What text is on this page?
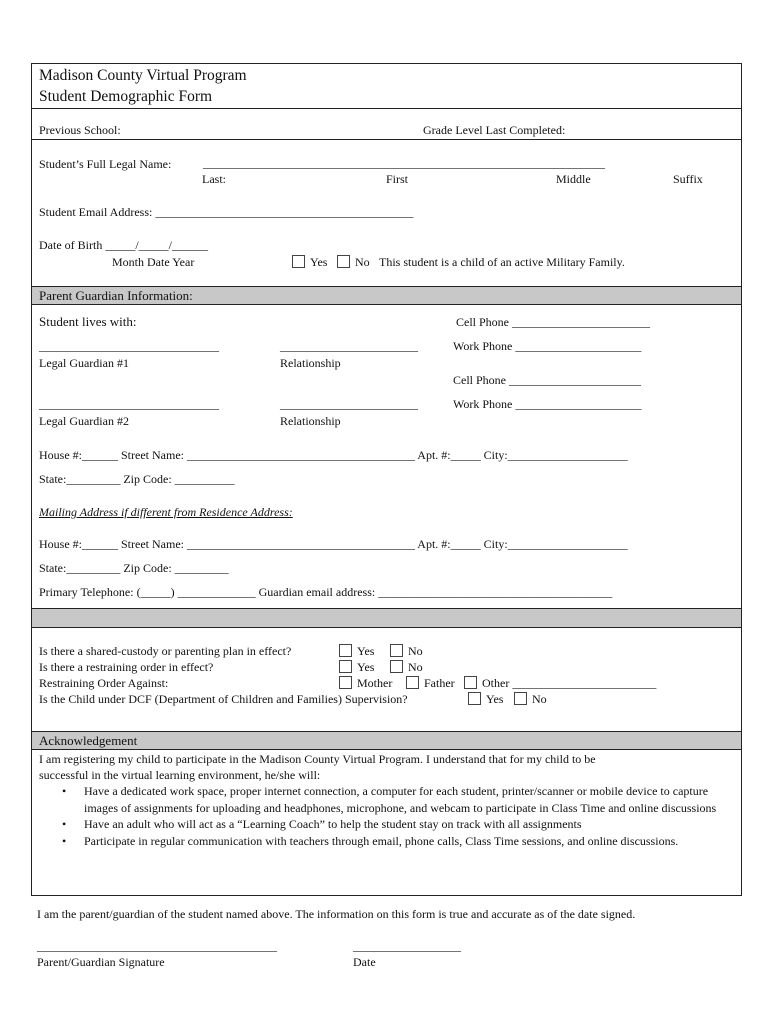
Madison County Virtual Program
Student Demographic Form
Previous School:	Grade Level Last Completed:
Student’s Full Legal Name:	___________________________________________________________________
Last:	First	Middle	Suffix
Student Email Address: ___________________________________________
Date of Birth _____/_____/______
Month Date Year	Yes No This student is a child of an active Military Family.
Parent Guardian Information:
Student lives with:	Cell Phone _______________________
______________________________	_______________________	Work Phone _____________________
Legal Guardian #1	Relationship
Cell Phone ______________________
______________________________	_______________________	Work Phone _____________________
Legal Guardian #2	Relationship
House #:______ Street Name: ______________________________________ Apt. #:_____ City:____________________
State:_________ Zip Code: __________
Mailing Address if different from Residence Address:
House #:______ Street Name: ______________________________________ Apt. #:_____ City:____________________
State:_________ Zip Code: _________
Primary Telephone: (_____) _____________ Guardian email address: _______________________________________
Is there a shared-custody or parenting plan in effect?	Yes	No
Is there a restraining order in effect?	Yes	No
Restraining Order Against:	Mother	Father Other ________________________
Is the Child under DCF (Department of Children and Families) Supervision?	Yes No
Acknowledgement
I am registering my child to participate in the Madison County Virtual Program. I understand that for my child to be
successful in the virtual learning environment, he/she will:
• Have a dedicated work space, proper internet connection, a computer for each student, printer/scanner or mobile device to capture images of assignments for uploading and headphones, microphone, and webcam to participate in Class Time and online discussions
• Have an adult who will act as a “Learning Coach” to help the student stay on track with all assignments
• Participate in regular communication with teachers through email, phone calls, Class Time sessions, and online discussions.
I am the parent/guardian of the student named above. The information on this form is true and accurate as of the date signed.
________________________________________
Parent/Guardian Signature
__________________
Date
